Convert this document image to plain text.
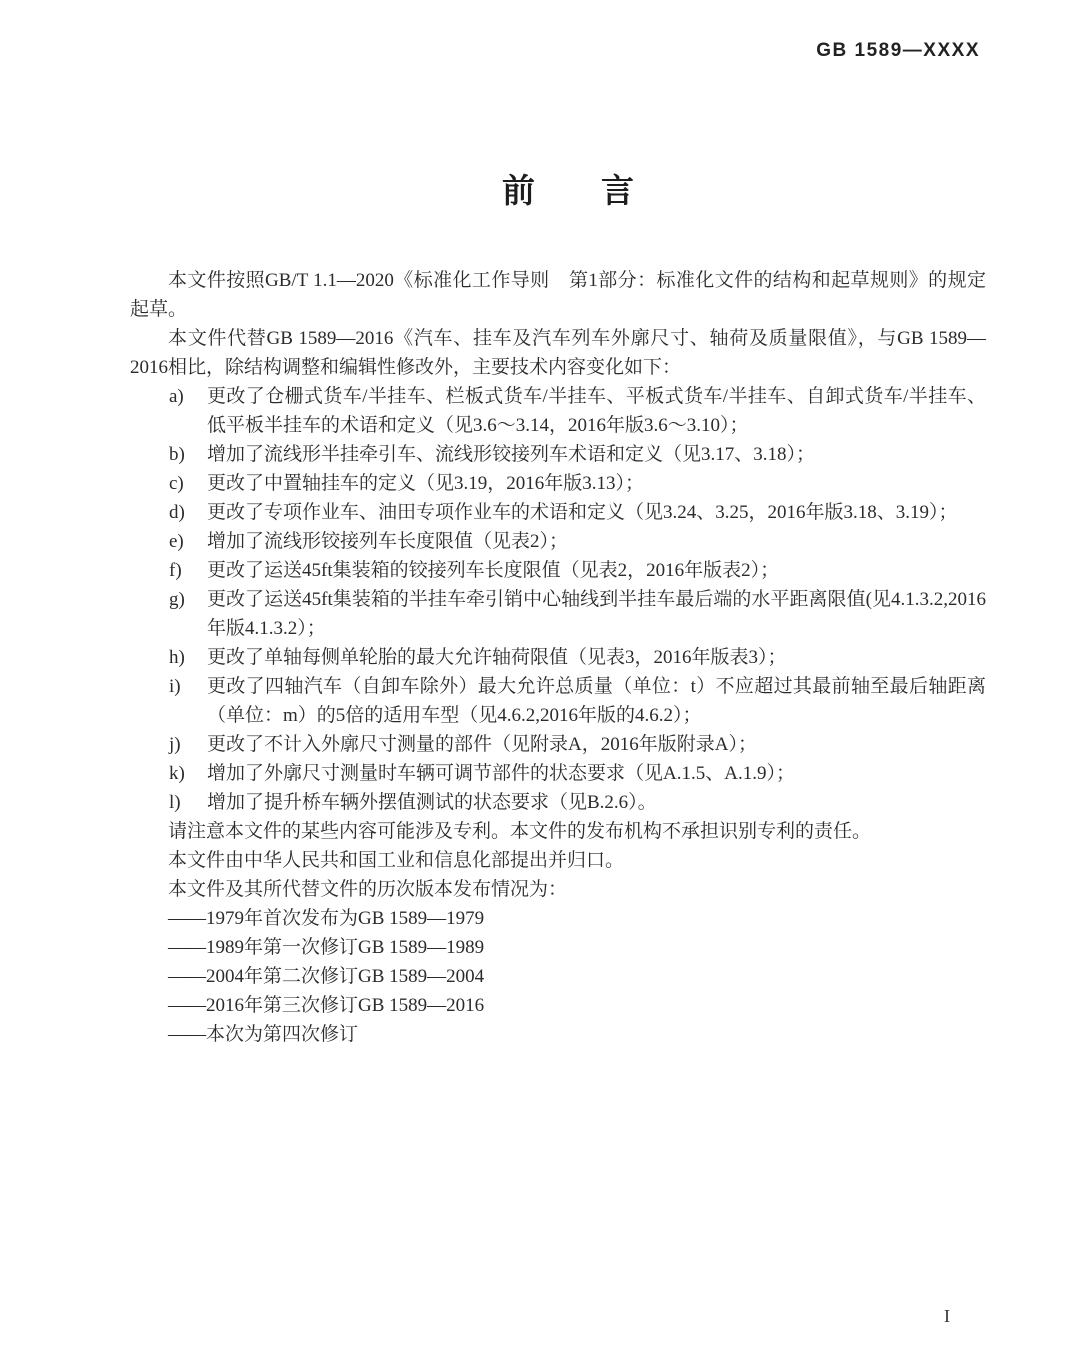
GB 1589—XXXX
前　　言

本文件按照GB/T 1.1—2020《标准化工作导则　第1部分：标准化文件的结构和起草规则》的规定起草。

本文件代替GB 1589—2016《汽车、挂车及汽车列车外廓尺寸、轴荷及质量限值》，与GB 1589—2016相比，除结构调整和编辑性修改外，主要技术内容变化如下：

a) 更改了仓栅式货车/半挂车、栏板式货车/半挂车、平板式货车/半挂车、自卸式货车/半挂车、低平板半挂车的术语和定义（见3.6～3.14，2016年版3.6～3.10）；
b) 增加了流线形半挂牵引车、流线形铰接列车术语和定义（见3.17、3.18）；
c) 更改了中置轴挂车的定义（见3.19，2016年版3.13）；
d) 更改了专项作业车、油田专项作业车的术语和定义（见3.24、3.25，2016年版3.18、3.19）；
e) 增加了流线形铰接列车长度限值（见表2）；
f) 更改了运送45ft集装箱的铰接列车长度限值（见表2，2016年版表2）；
g) 更改了运送45ft集装箱的半挂车牵引销中心轴线到半挂车最后端的水平距离限值(见4.1.3.2,2016年版4.1.3.2）；
h) 更改了单轴每侧单轮胎的最大允许轴荷限值（见表3，2016年版表3）；
i) 更改了四轴汽车（自卸车除外）最大允许总质量（单位：t）不应超过其最前轴至最后轴距离（单位：m）的5倍的适用车型（见4.6.2,2016年版的4.6.2）；
j) 更改了不计入外廓尺寸测量的部件（见附录A，2016年版附录A）；
k) 增加了外廓尺寸测量时车辆可调节部件的状态要求（见A.1.5、A.1.9）；
l) 增加了提升桥车辆外摆值测试的状态要求（见B.2.6）。

请注意本文件的某些内容可能涉及专利。本文件的发布机构不承担识别专利的责任。

本文件由中华人民共和国工业和信息化部提出并归口。

本文件及其所代替文件的历次版本发布情况为：

——1979年首次发布为GB 1589—1979

——1989年第一次修订GB 1589—1989

——2004年第二次修订GB 1589—2004

——2016年第三次修订GB 1589—2016

——本次为第四次修订

I
